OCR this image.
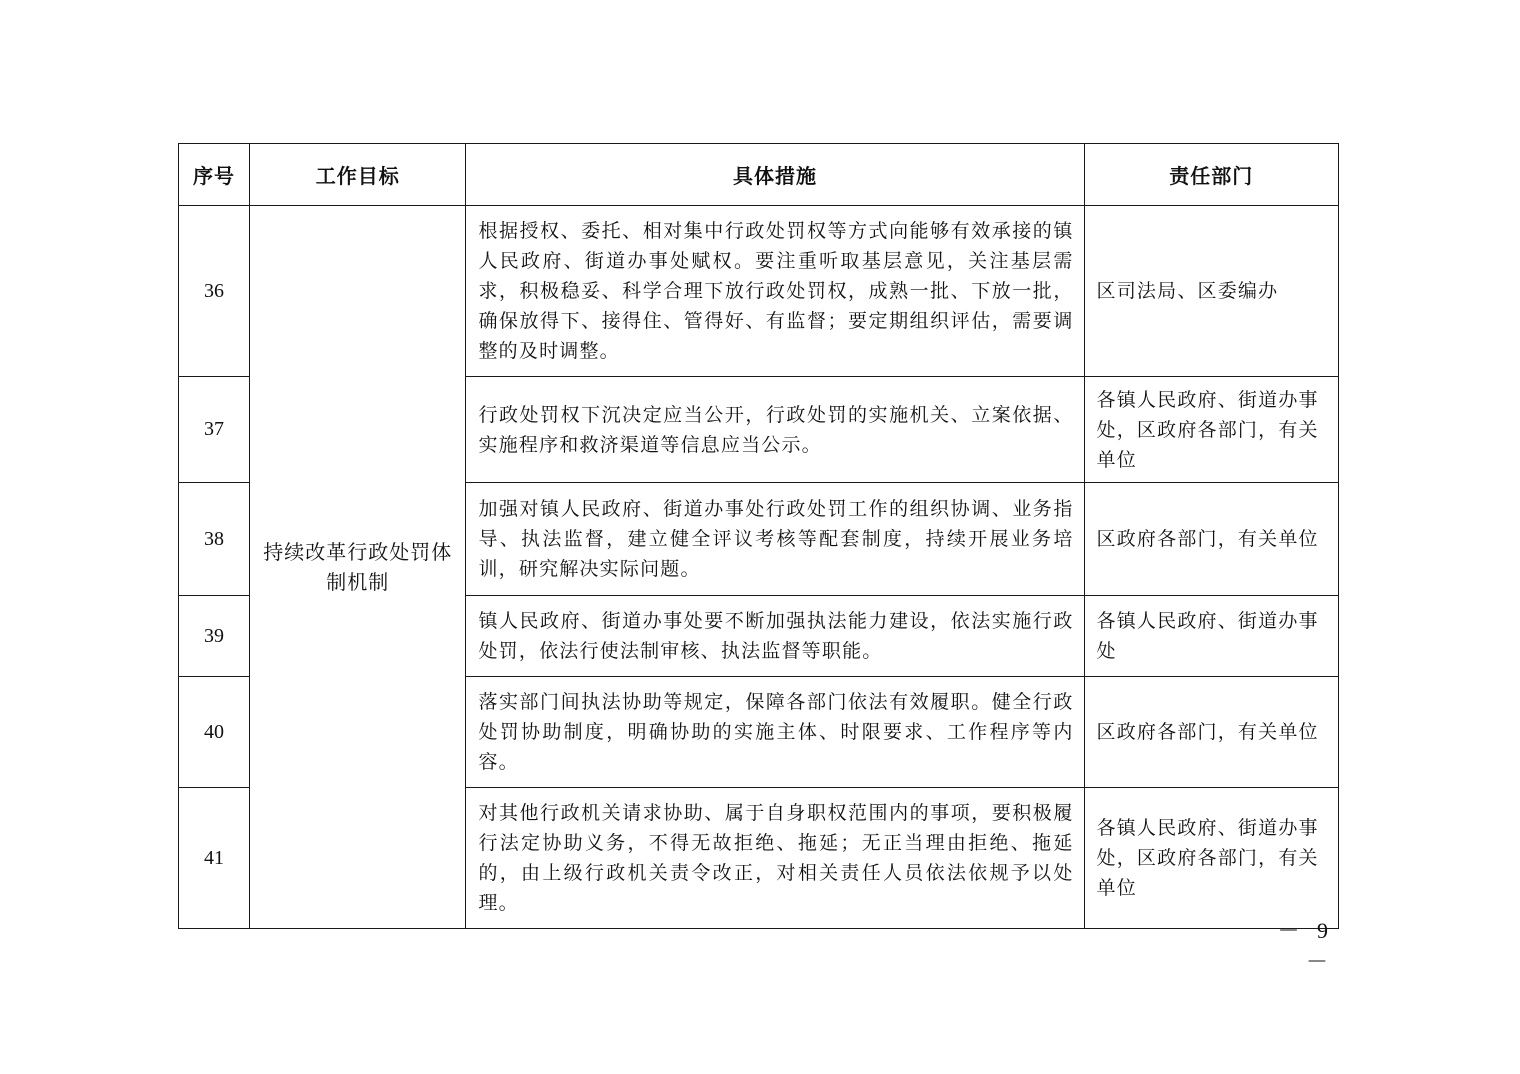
序号	工作目标	具体措施	责任部门
36	持续改革行政处罚体制机制	根据授权、委托、相对集中行政处罚权等方式向能够有效承接的镇人民政府、街道办事处赋权。要注重听取基层意见，关注基层需求，积极稳妥、科学合理下放行政处罚权，成熟一批、下放一批，确保放得下、接得住、管得好、有监督；要定期组织评估，需要调整的及时调整。	区司法局、区委编办
37		行政处罚权下沉决定应当公开，行政处罚的实施机关、立案依据、实施程序和救济渠道等信息应当公示。	各镇人民政府、街道办事处，区政府各部门，有关单位
38		加强对镇人民政府、街道办事处行政处罚工作的组织协调、业务指导、执法监督，建立健全评议考核等配套制度，持续开展业务培训，研究解决实际问题。	区政府各部门，有关单位
39		镇人民政府、街道办事处要不断加强执法能力建设，依法实施行政处罚，依法行使法制审核、执法监督等职能。	各镇人民政府、街道办事处
40		落实部门间执法协助等规定，保障各部门依法有效履职。健全行政处罚协助制度，明确协助的实施主体、时限要求、工作程序等内容。	区政府各部门，有关单位
41		对其他行政机关请求协助、属于自身职权范围内的事项，要积极履行法定协助义务，不得无故拒绝、拖延；无正当理由拒绝、拖延的，由上级行政机关责令改正，对相关责任人员依法依规予以处理。	各镇人民政府、街道办事处，区政府各部门，有关单位
－ 9 －
